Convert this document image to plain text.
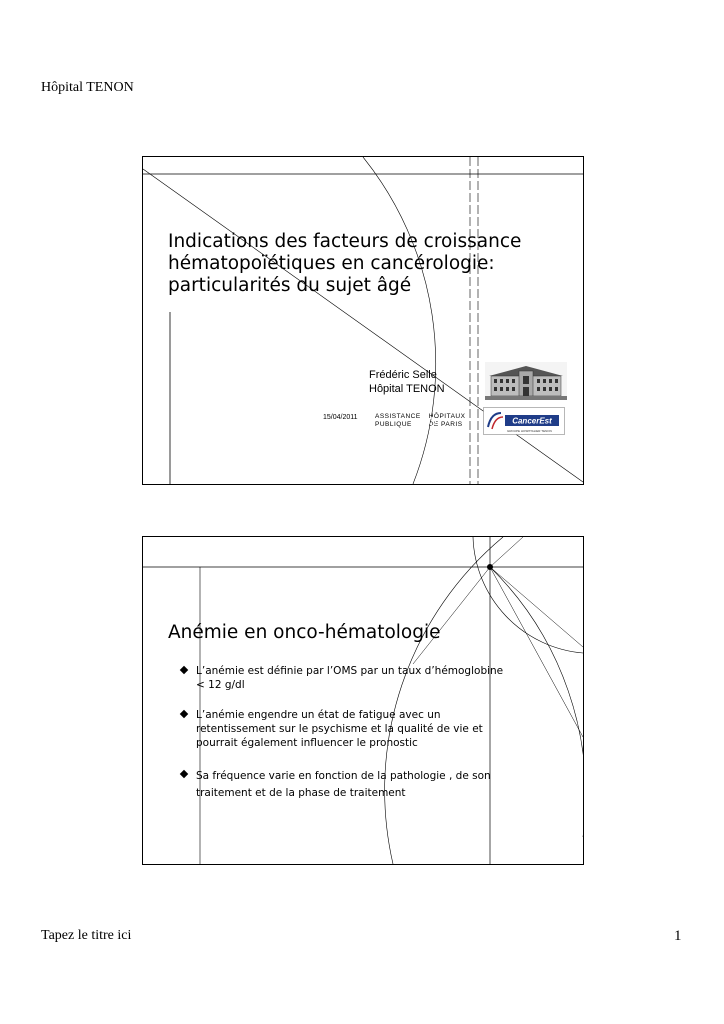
Hôpital TENON
Indications des facteurs de croissance
hématopoïétiques en cancérologie:
particularités du sujet âgé
Frédéric Selle
Hôpital TENON
15/04/2011	ASSISTANCE
PUBLIQUE
HÔPITAUX
DE PARIS	CancerEst
GROUPE HOSPITALIER TENON
Anémie en onco-hématologie
L’anémie est définie par l’OMS par un taux d’hémoglobine
< 12 g/dl
L’anémie engendre un état de fatigue avec un
retentissement sur le psychisme et la qualité de vie et
pourrait également influencer le pronostic
Sa fréquence varie en fonction de la pathologie , de son
traitement et de la phase de traitement
Tapez le titre ici	1
